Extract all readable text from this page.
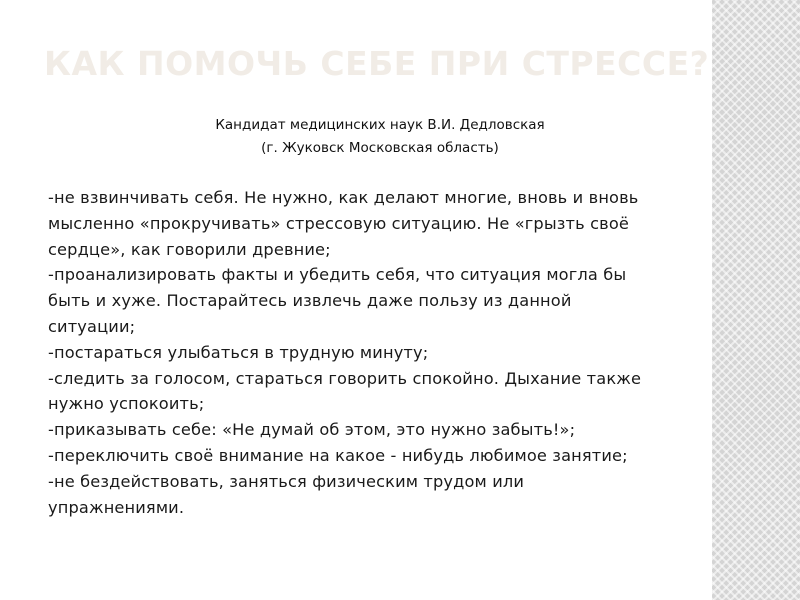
КАК ПОМОЧЬ СЕБЕ ПРИ СТРЕССЕ?
Кандидат медицинских наук В.И. Дедловская
(г. Жуковск Московская область)
-не взвинчивать себя. Не нужно, как делают многие, вновь и вновь
мысленно «прокручивать» стрессовую ситуацию. Не «грызть своё
сердце», как говорили древние;
-проанализировать факты и убедить себя, что ситуация могла бы
быть и хуже. Постарайтесь извлечь даже пользу из данной
ситуации;
-постараться улыбаться в трудную минуту;
-следить за голосом, стараться говорить спокойно. Дыхание также
нужно успокоить;
-приказывать себе: «Не думай об этом, это нужно забыть!»;
-переключить своё внимание на какое - нибудь любимое занятие;
-не бездействовать, заняться физическим трудом или
упражнениями.
